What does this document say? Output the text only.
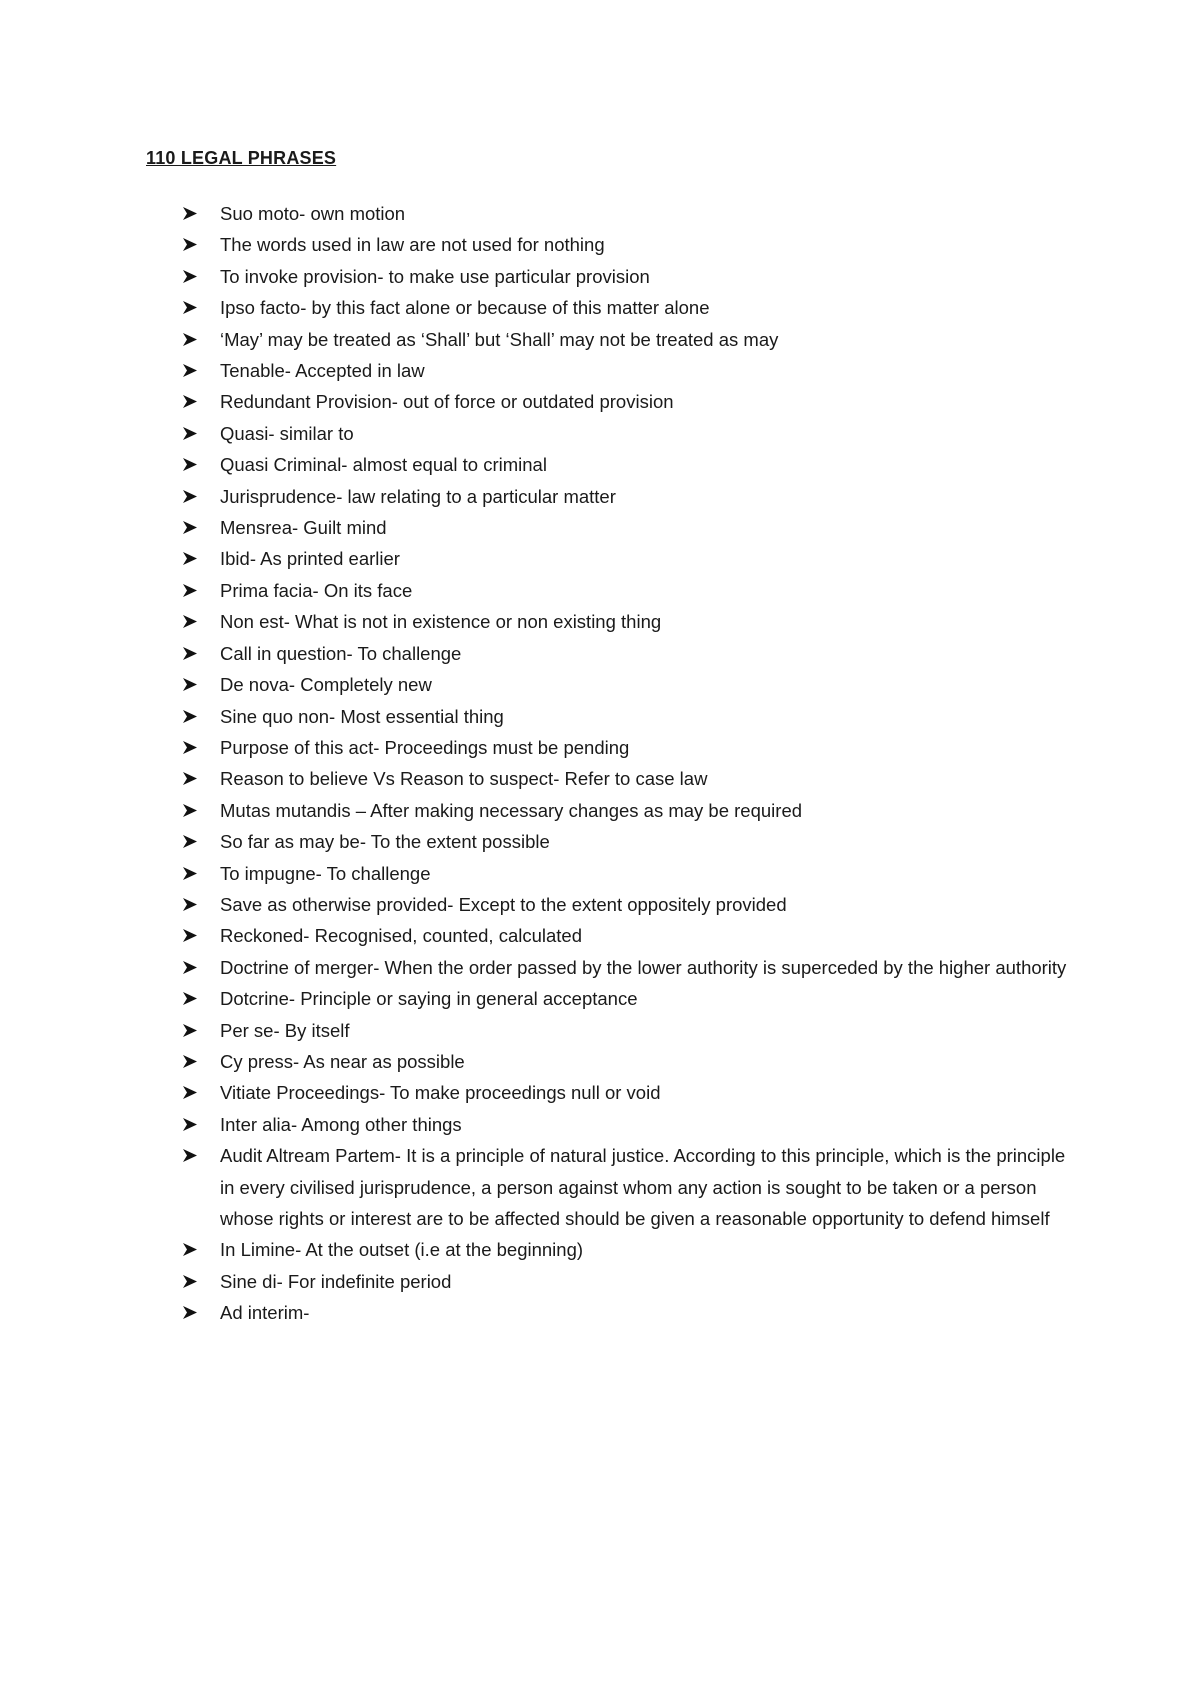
110 LEGAL PHRASES
Suo moto- own motion
The words used in law are not used for nothing
To invoke provision- to make use particular provision
Ipso facto- by this fact alone or because of this matter alone
‘May’ may be treated as ‘Shall’ but ‘Shall’ may not be treated as may
Tenable- Accepted in law
Redundant Provision- out of force or outdated provision
Quasi- similar to
Quasi Criminal- almost equal to criminal
Jurisprudence- law relating to a particular matter
Mensrea- Guilt mind
Ibid- As printed earlier
Prima facia- On its face
Non est- What is not in existence or non existing thing
Call in question- To challenge
De nova- Completely new
Sine quo non- Most essential thing
Purpose of this act- Proceedings must be pending
Reason to believe Vs Reason to suspect- Refer to case law
Mutas mutandis – After making necessary changes as may be required
So far as may be- To the extent possible
To impugne- To challenge
Save as otherwise provided- Except to the extent oppositely provided
Reckoned- Recognised, counted, calculated
Doctrine of merger- When the order passed by the lower authority is superceded by the higher authority
Dotcrine- Principle or saying in general acceptance
Per se- By itself
Cy press- As near as possible
Vitiate Proceedings- To make proceedings null or void
Inter alia- Among other things
Audit Altream Partem- It is a principle of natural justice. According to this principle, which is the principle in every civilised jurisprudence, a person against whom any action is sought to be taken or a person whose rights or interest are to be affected should be given a reasonable opportunity to defend himself
In Limine- At the outset (i.e at the beginning)
Sine di- For indefinite period
Ad interim-
